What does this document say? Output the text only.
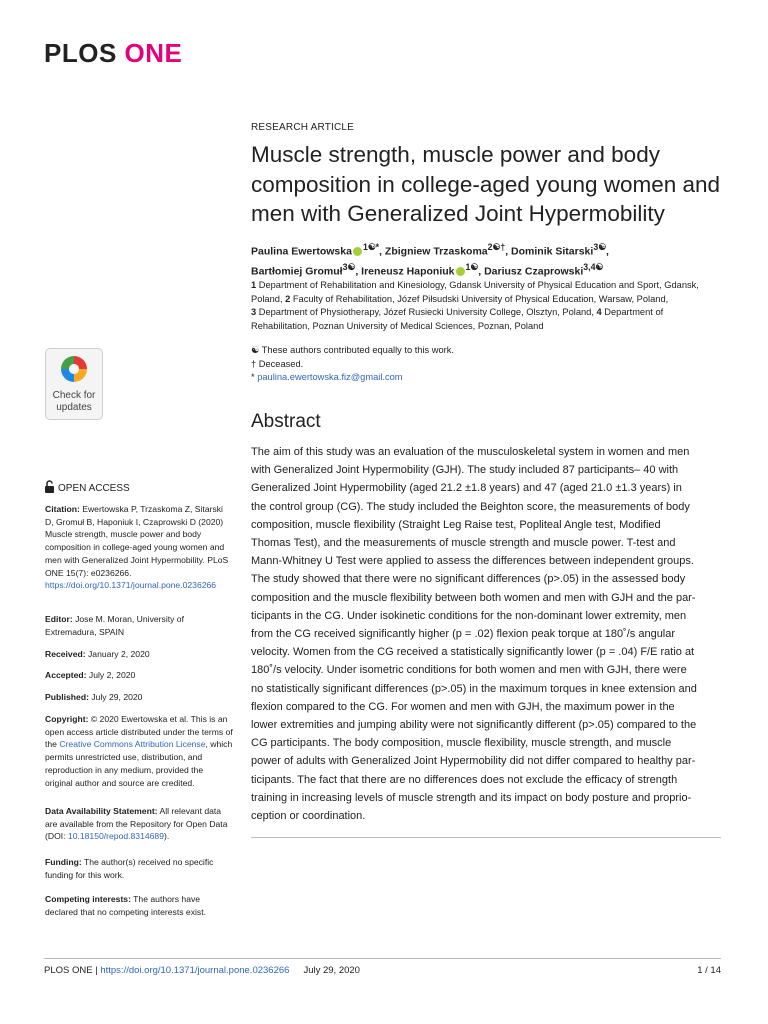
PLOS ONE
RESEARCH ARTICLE
Muscle strength, muscle power and body composition in college-aged young women and men with Generalized Joint Hypermobility
Paulina Ewertowska $^{1☯*}$, Zbigniew Trzaskoma$^{2☯\dagger}$, Dominik Sitarski$^{3☯}$,
Bartłomiej Gromuł$^{3☯}$, Ireneusz Haponiuk $^{1☯}$, Dariusz Czaprowski$^{3,4☯}$
1 Department of Rehabilitation and Kinesiology, Gdansk University of Physical Education and Sport, Gdansk, Poland, 2 Faculty of Rehabilitation, Józef Piłsudski University of Physical Education, Warsaw, Poland,
3 Department of Physiotherapy, Józef Rusiecki University College, Olsztyn, Poland, 4 Department of Rehabilitation, Poznan University of Medical Sciences, Poznan, Poland
☯ These authors contributed equally to this work.
† Deceased.
* paulina.ewertowska.fiz@gmail.com
Abstract
The aim of this study was an evaluation of the musculoskeletal system in women and men
with Generalized Joint Hypermobility (GJH). The study included 87 participants– 40 with
Generalized Joint Hypermobility (aged 21.2 ±1.8 years) and 47 (aged 21.0 ±1.3 years) in
the control group (CG). The study included the Beighton score, the measurements of body
composition, muscle flexibility (Straight Leg Raise test, Popliteal Angle test, Modified
Thomas Test), and the measurements of muscle strength and muscle power. T-test and
Mann-Whitney U Test were applied to assess the differences between independent groups.
The study showed that there were no significant differences (p>.05) in the assessed body
composition and the muscle flexibility between both women and men with GJH and the par-
ticipants in the CG. Under isokinetic conditions for the non-dominant lower extremity, men
from the CG received significantly higher (p = .02) flexion peak torque at 180˚/s angular
velocity. Women from the CG received a statistically significantly lower (p = .04) F/E ratio at
180˚/s velocity. Under isometric conditions for both women and men with GJH, there were
no statistically significant differences (p>.05) in the maximum torques in knee extension and
flexion compared to the CG. For women and men with GJH, the maximum power in the
lower extremities and jumping ability were not significantly different (p>.05) compared to the
CG participants. The body composition, muscle flexibility, muscle strength, and muscle
power of adults with Generalized Joint Hypermobility did not differ compared to healthy par-
ticipants. The fact that there are no differences does not exclude the efficacy of strength
training in increasing levels of muscle strength and its impact on body posture and proprio-
ception or coordination.
Check for
updates
OPEN ACCESS

Citation: Ewertowska P, Trzaskoma Z, Sitarski D, Gromuł B, Haponiuk I, Czaprowski D (2020) Muscle strength, muscle power and body composition in college-aged young women and men with Generalized Joint Hypermobility. PLoS ONE 15(7): e0236266. https://doi.org/10.1371/journal.pone.0236266

Editor: Jose M. Moran, University of Extremadura, SPAIN

Received: January 2, 2020

Accepted: July 2, 2020

Published: July 29, 2020

Copyright: © 2020 Ewertowska et al. This is an open access article distributed under the terms of the Creative Commons Attribution License, which permits unrestricted use, distribution, and reproduction in any medium, provided the original author and source are credited.

Data Availability Statement: All relevant data are available from the Repository for Open Data (DOI: 10.18150/repod.8314689).

Funding: The author(s) received no specific funding for this work.

Competing interests: The authors have declared that no competing interests exist.

PLOS ONE | https://doi.org/10.1371/journal.pone.0236266 July 29, 2020	1 / 14
